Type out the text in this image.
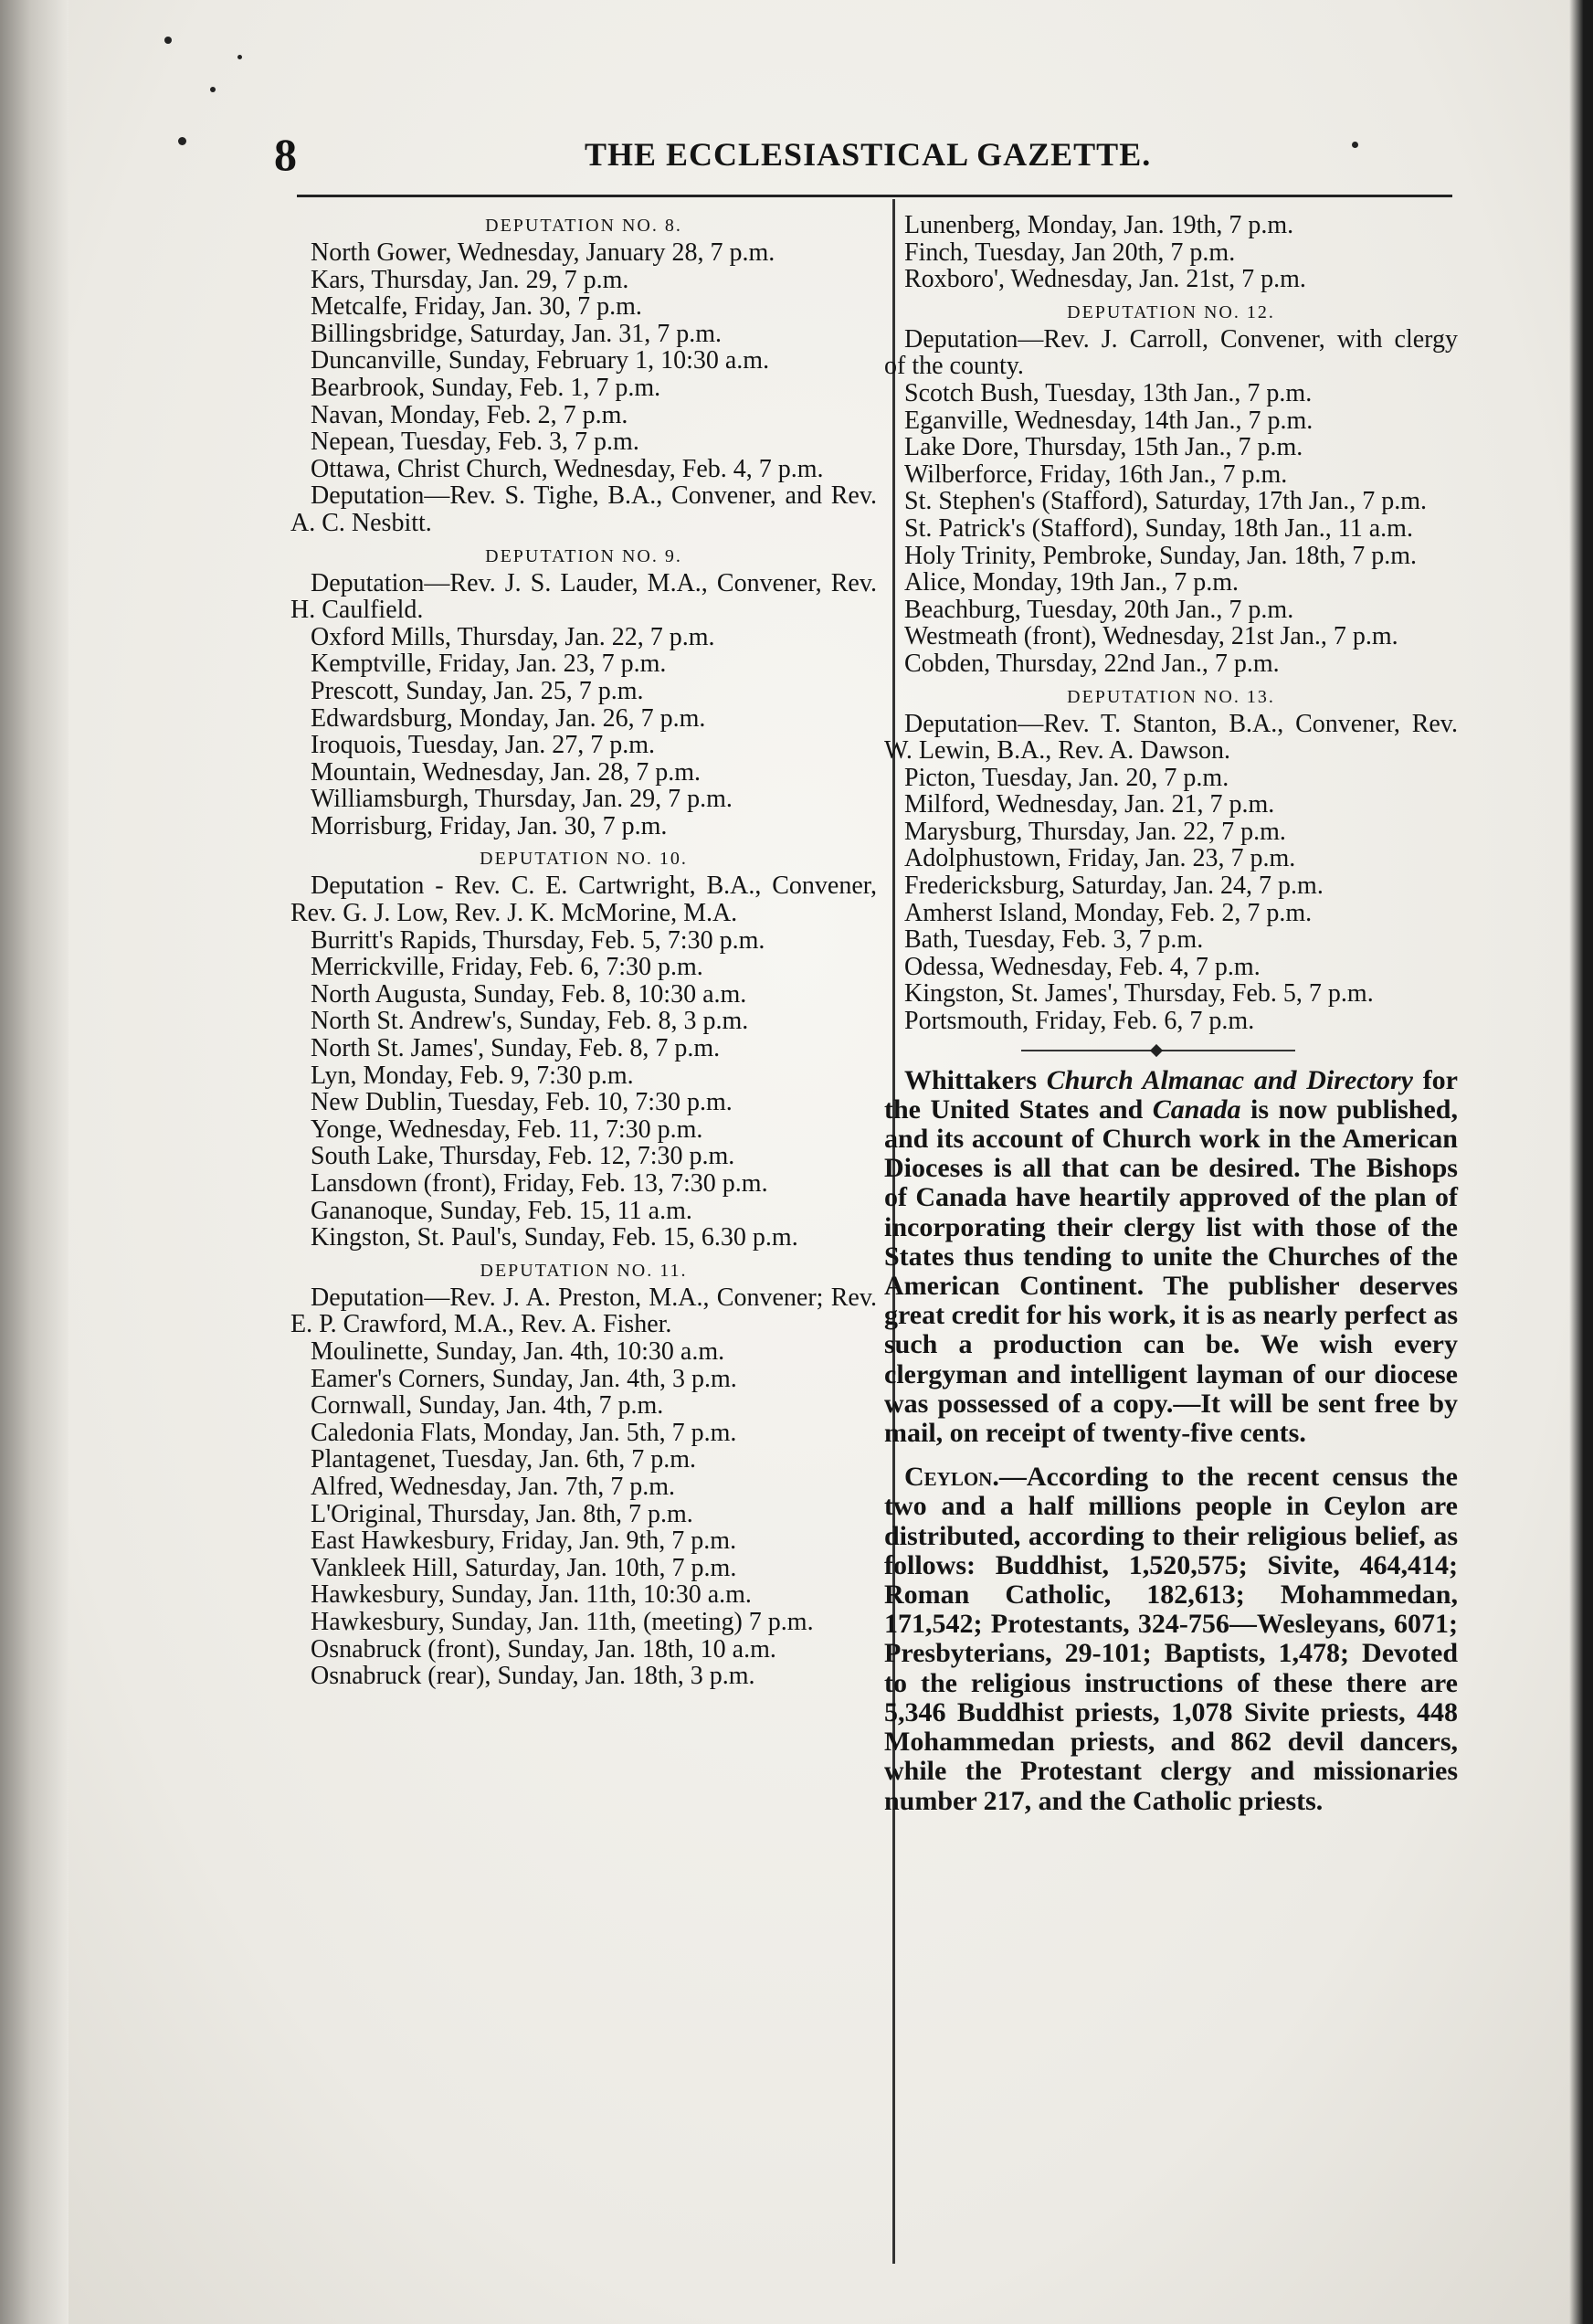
8	THE ECCLESIASTICAL GAZETTE.

DEPUTATION NO. 8.

North Gower, Wednesday, January 28, 7 p.m.

Kars, Thursday, Jan. 29, 7 p.m.

Metcalfe, Friday, Jan. 30, 7 p.m.

Billingsbridge, Saturday, Jan. 31, 7 p.m.

Duncanville, Sunday, February 1, 10:30 a.m.

Bearbrook, Sunday, Feb. 1, 7 p.m.

Navan, Monday, Feb. 2, 7 p.m.

Nepean, Tuesday, Feb. 3, 7 p.m.

Ottawa, Christ Church, Wednesday, Feb. 4, 7 p.m.

Deputation—Rev. S. Tighe, B.A., Convener, and Rev. A. C. Nesbitt.

DEPUTATION NO. 9.

Deputation—Rev. J. S. Lauder, M.A., Convener, Rev. H. Caulfield.

Oxford Mills, Thursday, Jan. 22, 7 p.m.

Kemptville, Friday, Jan. 23, 7 p.m.

Prescott, Sunday, Jan. 25, 7 p.m.

Edwardsburg, Monday, Jan. 26, 7 p.m.

Iroquois, Tuesday, Jan. 27, 7 p.m.

Mountain, Wednesday, Jan. 28, 7 p.m.

Williamsburgh, Thursday, Jan. 29, 7 p.m.

Morrisburg, Friday, Jan. 30, 7 p.m.

DEPUTATION NO. 10.

Deputation - Rev. C. E. Cartwright, B.A., Convener, Rev. G. J. Low, Rev. J. K. McMorine, M.A.

Burritt's Rapids, Thursday, Feb. 5, 7:30 p.m.

Merrickville, Friday, Feb. 6, 7:30 p.m.

North Augusta, Sunday, Feb. 8, 10:30 a.m.

North St. Andrew's, Sunday, Feb. 8, 3 p.m.

North St. James', Sunday, Feb. 8, 7 p.m.

Lyn, Monday, Feb. 9, 7:30 p.m.

New Dublin, Tuesday, Feb. 10, 7:30 p.m.

Yonge, Wednesday, Feb. 11, 7:30 p.m.

South Lake, Thursday, Feb. 12, 7:30 p.m.

Lansdown (front), Friday, Feb. 13, 7:30 p.m.

Gananoque, Sunday, Feb. 15, 11 a.m.

Kingston, St. Paul's, Sunday, Feb. 15, 6.30 p.m.

DEPUTATION NO. 11.

Deputation—Rev. J. A. Preston, M.A., Convener; Rev. E. P. Crawford, M.A., Rev. A. Fisher.

Moulinette, Sunday, Jan. 4th, 10:30 a.m.

Eamer's Corners, Sunday, Jan. 4th, 3 p.m.

Cornwall, Sunday, Jan. 4th, 7 p.m.

Caledonia Flats, Monday, Jan. 5th, 7 p.m.

Plantagenet, Tuesday, Jan. 6th, 7 p.m.

Alfred, Wednesday, Jan. 7th, 7 p.m.

L'Original, Thursday, Jan. 8th, 7 p.m.

East Hawkesbury, Friday, Jan. 9th, 7 p.m.

Vankleek Hill, Saturday, Jan. 10th, 7 p.m.

Hawkesbury, Sunday, Jan. 11th, 10:30 a.m.

Hawkesbury, Sunday, Jan. 11th, (meeting) 7 p.m.

Osnabruck (front), Sunday, Jan. 18th, 10 a.m.

Osnabruck (rear), Sunday, Jan. 18th, 3 p.m.

Lunenberg, Monday, Jan. 19th, 7 p.m.

Finch, Tuesday, Jan 20th, 7 p.m.

Roxboro', Wednesday, Jan. 21st, 7 p.m.

DEPUTATION NO. 12.

Deputation—Rev. J. Carroll, Convener, with clergy of the county.

Scotch Bush, Tuesday, 13th Jan., 7 p.m.

Eganville, Wednesday, 14th Jan., 7 p.m.

Lake Dore, Thursday, 15th Jan., 7 p.m.

Wilberforce, Friday, 16th Jan., 7 p.m.

St. Stephen's (Stafford), Saturday, 17th Jan., 7 p.m.

St. Patrick's (Stafford), Sunday, 18th Jan., 11 a.m.

Holy Trinity, Pembroke, Sunday, Jan. 18th, 7 p.m.

Alice, Monday, 19th Jan., 7 p.m.

Beachburg, Tuesday, 20th Jan., 7 p.m.

Westmeath (front), Wednesday, 21st Jan., 7 p.m.

Cobden, Thursday, 22nd Jan., 7 p.m.

DEPUTATION NO. 13.

Deputation—Rev. T. Stanton, B.A., Convener, Rev. W. Lewin, B.A., Rev. A. Dawson.

Picton, Tuesday, Jan. 20, 7 p.m.

Milford, Wednesday, Jan. 21, 7 p.m.

Marysburg, Thursday, Jan. 22, 7 p.m.

Adolphustown, Friday, Jan. 23, 7 p.m.

Fredericksburg, Saturday, Jan. 24, 7 p.m.

Amherst Island, Monday, Feb. 2, 7 p.m.

Bath, Tuesday, Feb. 3, 7 p.m.

Odessa, Wednesday, Feb. 4, 7 p.m.

Kingston, St. James', Thursday, Feb. 5, 7 p.m.

Portsmouth, Friday, Feb. 6, 7 p.m.

Whittakers Church Almanac and Directory for the United States and Canada is now published, and its account of Church work in the American Dioceses is all that can be desired. The Bishops of Canada have heartily approved of the plan of incorporating their clergy list with those of the States thus tending to unite the Churches of the American Continent. The publisher deserves great credit for his work, it is as nearly perfect as such a production can be. We wish every clergyman and intelligent layman of our diocese was possessed of a copy.—It will be sent free by mail, on receipt of twenty-five cents.

Ceylon.—According to the recent census the two and a half millions people in Ceylon are distributed, according to their religious belief, as follows: Buddhist, 1,520,575; Sivite, 464,414; Roman Catholic, 182,613; Mohammedan, 171,542; Protestants, 324-756—Wesleyans, 6071; Presbyterians, 29-101; Baptists, 1,478; Devoted to the religious instructions of these there are 5,346 Buddhist priests, 1,078 Sivite priests, 448 Mohammedan priests, and 862 devil dancers, while the Protestant clergy and missionaries number 217, and the Catholic priests.
